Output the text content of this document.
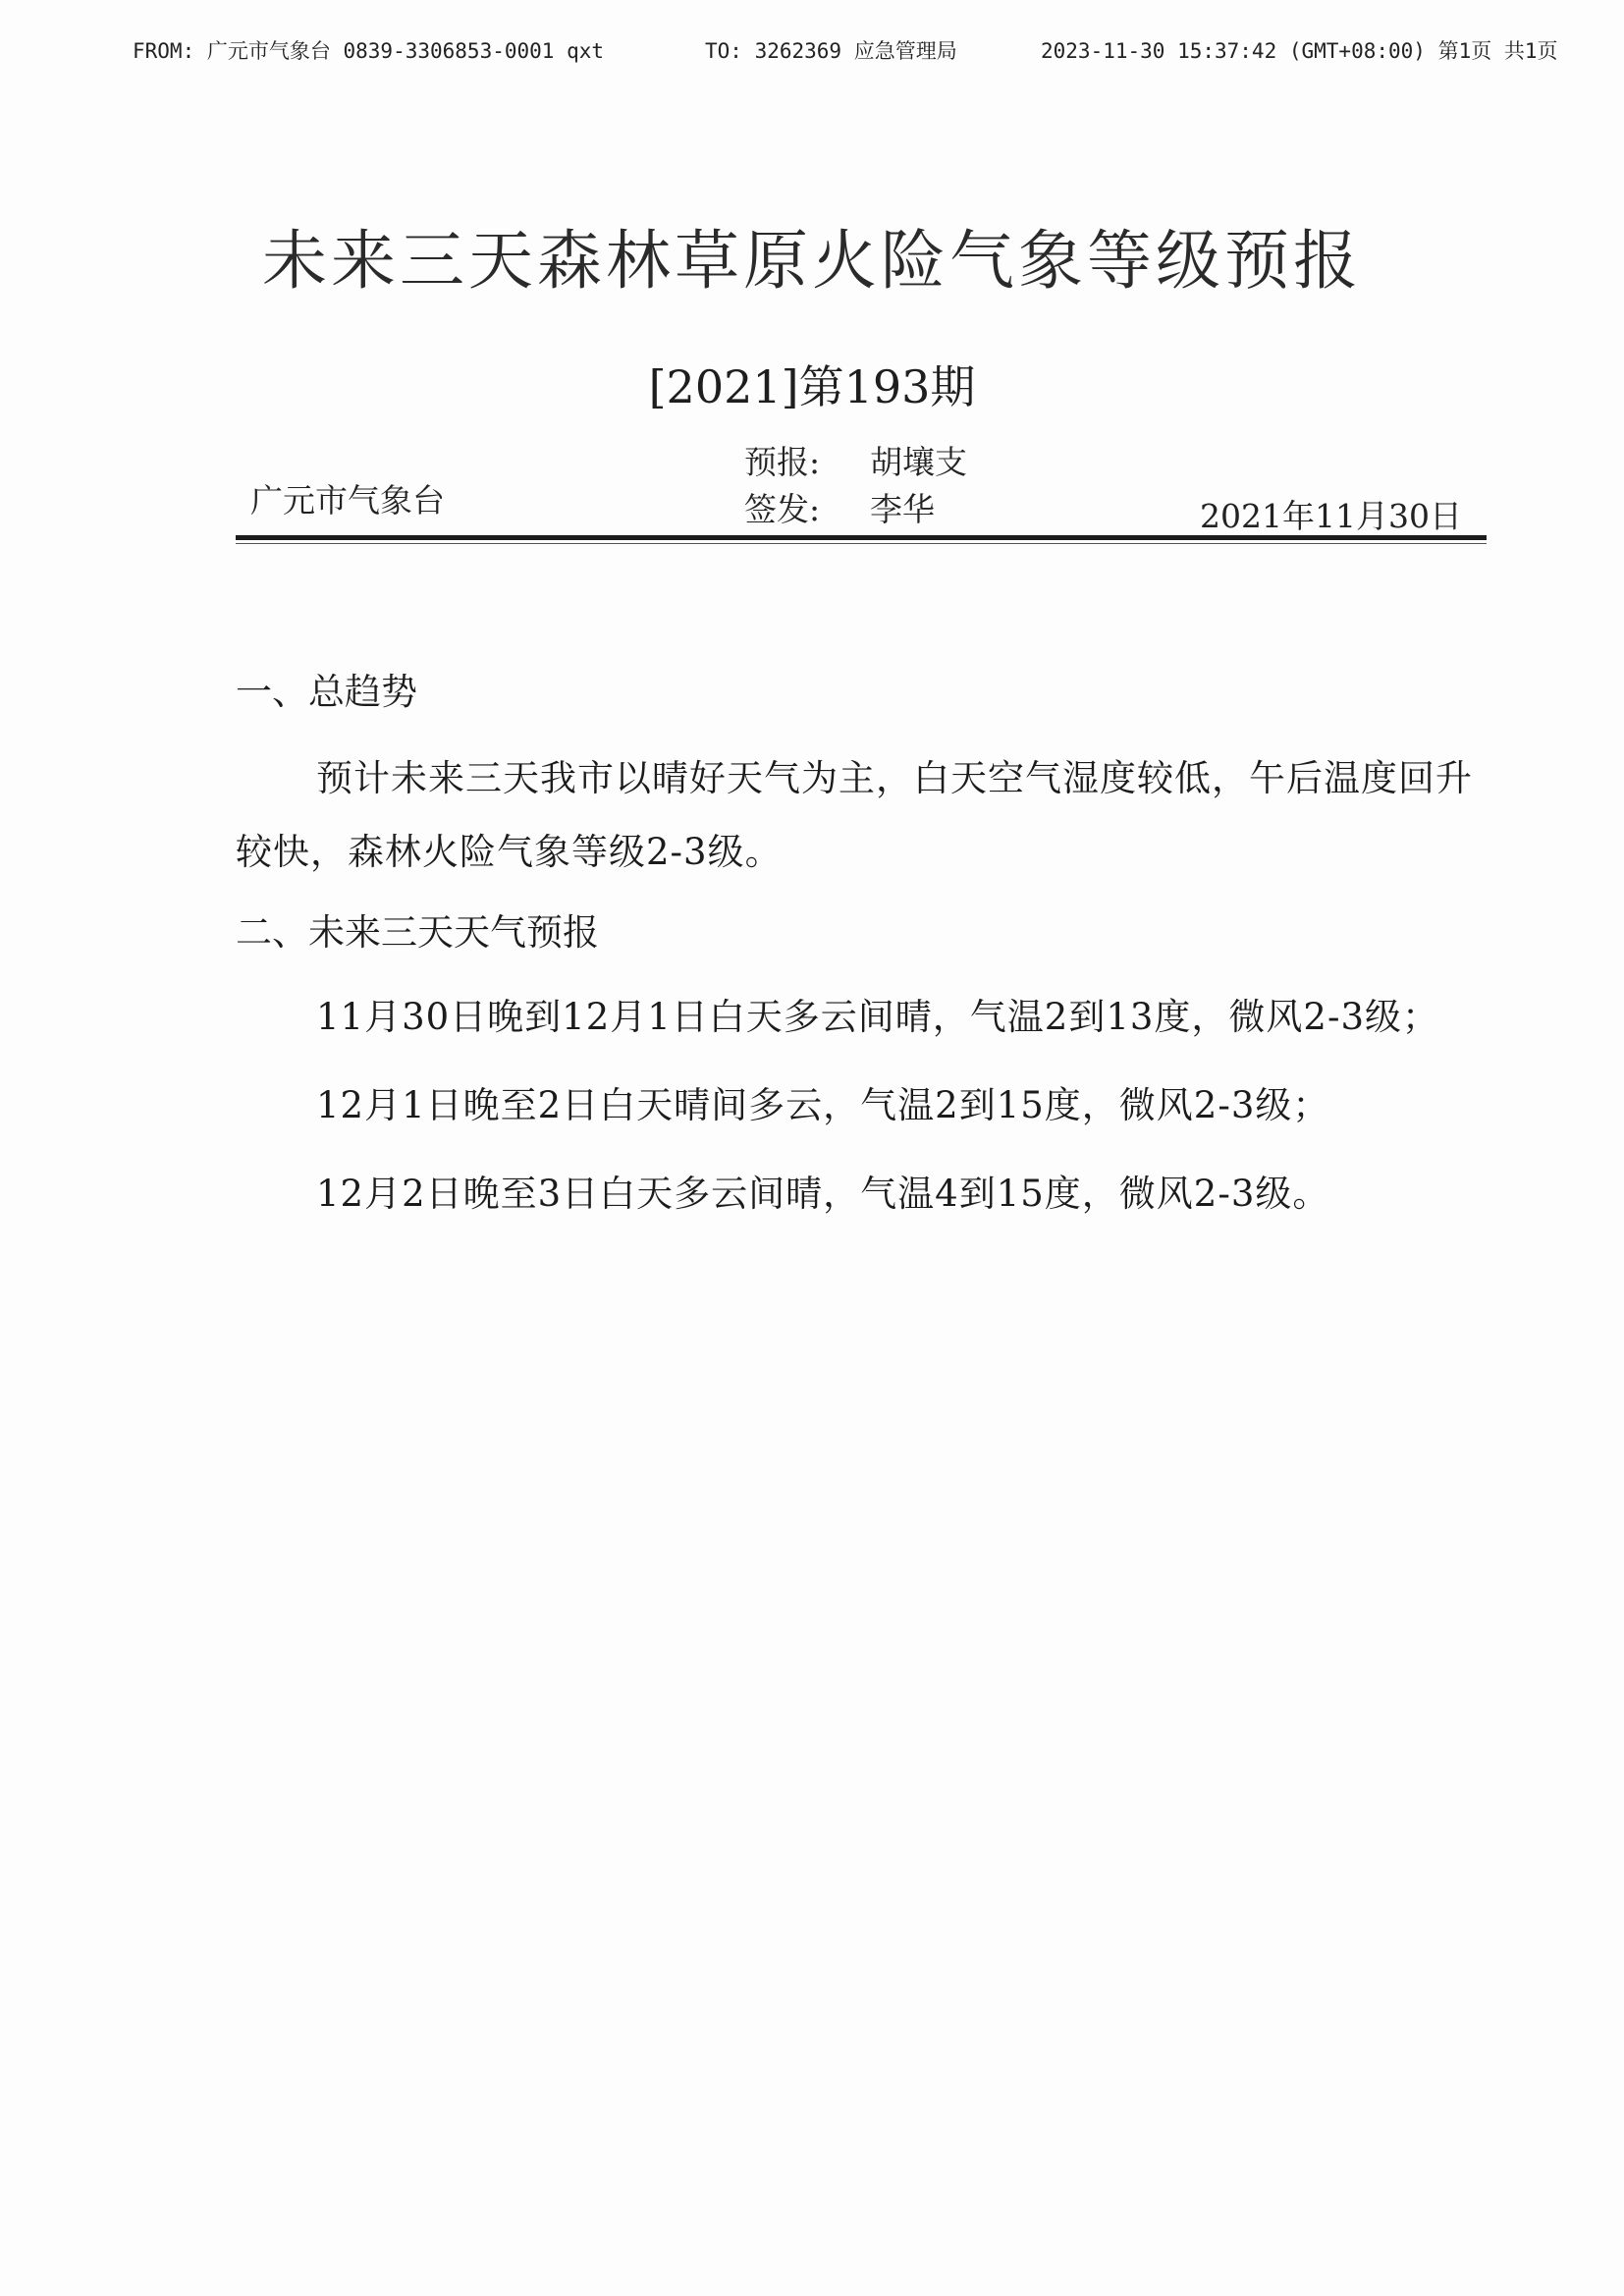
FROM: 广元市气象台 0839-3306853-0001 qxt	TO: 3262369 应急管理局	2023-11-30 15:37:42 (GMT+08:00) 第1页 共1页
未来三天森林草原火险气象等级预报
[2021]第193期
广元市气象台
预报: 胡壤支
签发: 李华	2021年11月30日
一、总趋势
预计未来三天我市以晴好天气为主，白天空气湿度较低，午后温度回升较快，森林火险气象等级2-3级。
二、未来三天天气预报

11月30日晚到12月1日白天多云间晴，气温2到13度，微风2-3级；

12月1日晚至2日白天晴间多云，气温2到15度，微风2-3级；

12月2日晚至3日白天多云间晴，气温4到15度，微风2-3级。
